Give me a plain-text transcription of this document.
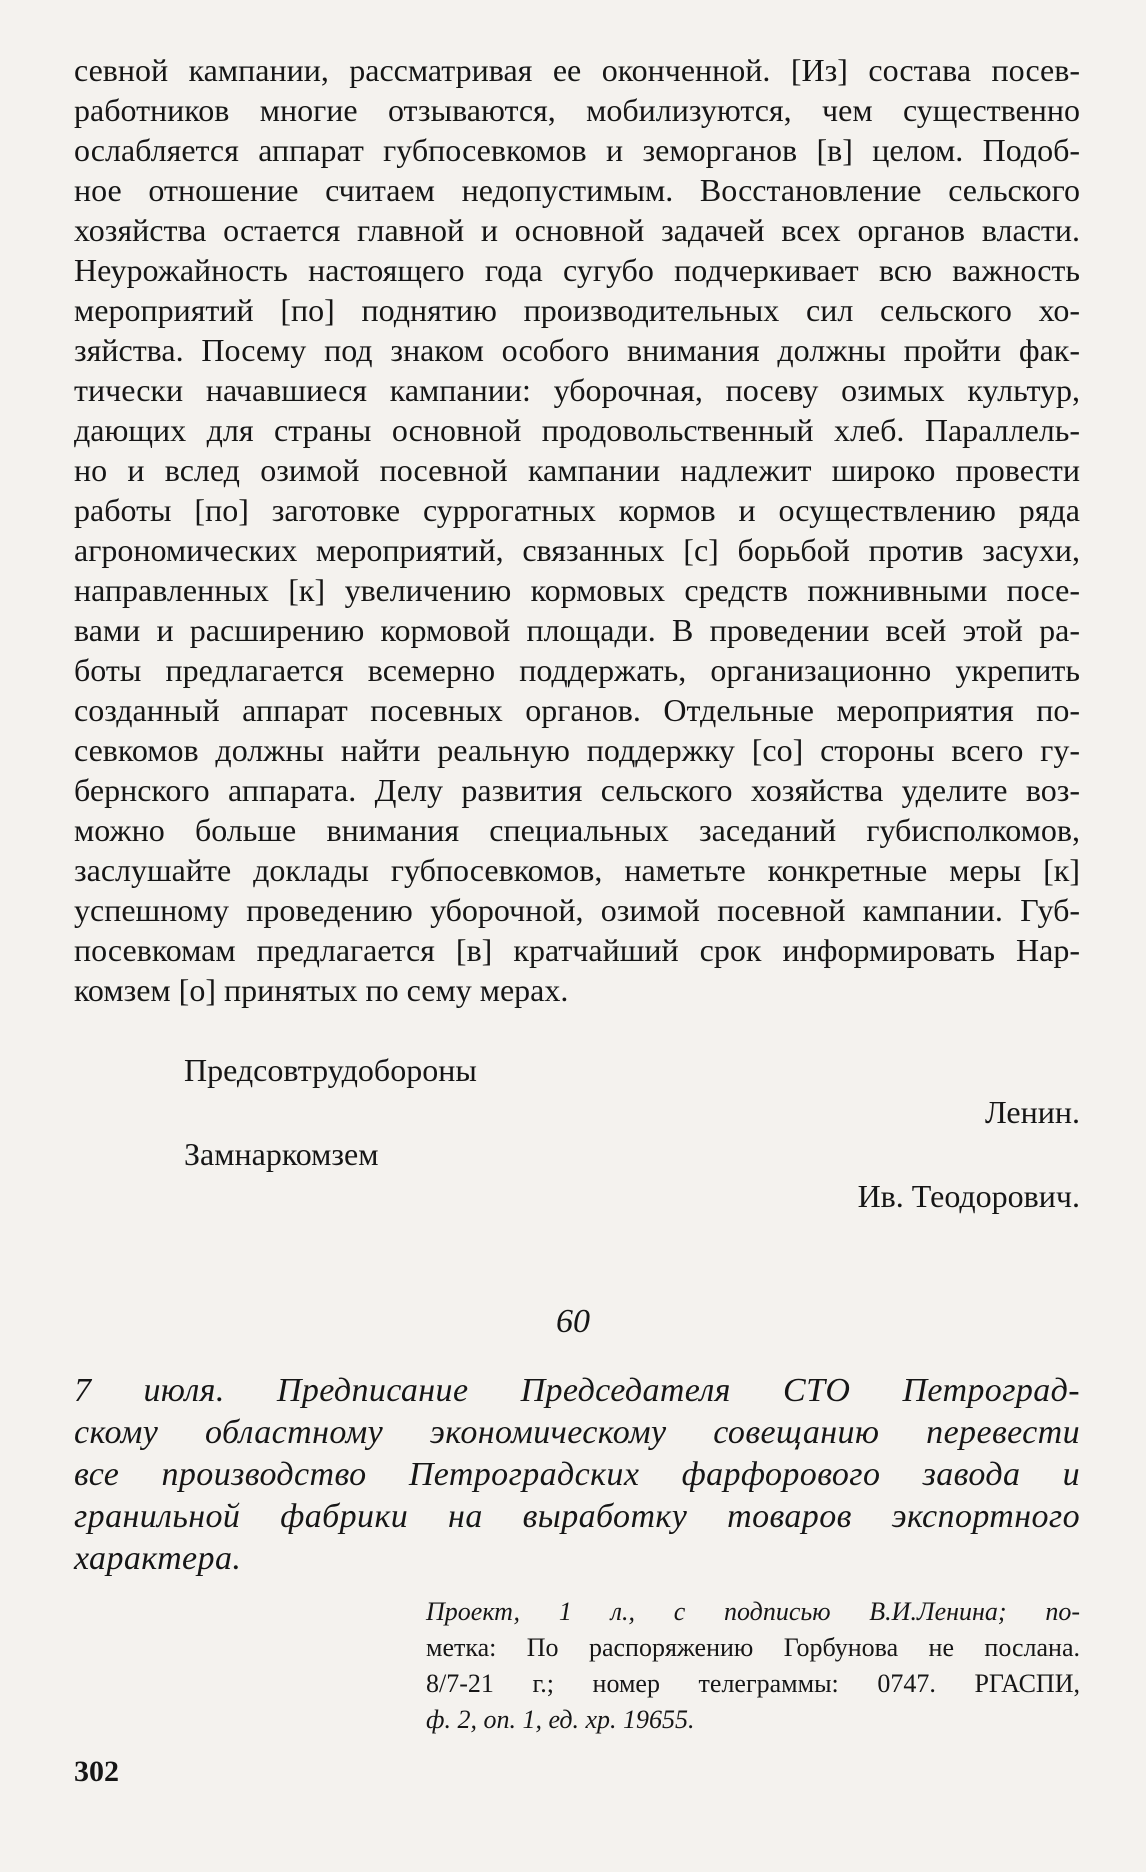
севной кампании, рассматривая ее оконченной. [Из] состава посев-
работников многие отзываются, мобилизуются, чем существенно
ослабляется аппарат губпосевкомов и земорганов [в] целом. Подоб-
ное отношение считаем недопустимым. Восстановление сельского
хозяйства остается главной и основной задачей всех органов власти.
Неурожайность настоящего года сугубо подчеркивает всю важность
мероприятий [по] поднятию производительных сил сельского хо-
зяйства. Посему под знаком особого внимания должны пройти фак-
тически начавшиеся кампании: уборочная, посеву озимых культур,
дающих для страны основной продовольственный хлеб. Параллель-
но и вслед озимой посевной кампании надлежит широко провести
работы [по] заготовке суррогатных кормов и осуществлению ряда
агрономических мероприятий, связанных [с] борьбой против засухи,
направленных [к] увеличению кормовых средств пожнивными посе-
вами и расширению кормовой площади. В проведении всей этой ра-
боты предлагается всемерно поддержать, организационно укрепить
созданный аппарат посевных органов. Отдельные мероприятия по-
севкомов должны найти реальную поддержку [со] стороны всего гу-
бернского аппарата. Делу развития сельского хозяйства уделите воз-
можно больше внимания специальных заседаний губисполкомов,
заслушайте доклады губпосевкомов, наметьте конкретные меры [к]
успешному проведению уборочной, озимой посевной кампании. Губ-
посевкомам предлагается [в] кратчайший срок информировать Нар-
комзем [о] принятых по сему мерах.
Предсовтрудобороны
Ленин.
Замнаркомзем
Ив. Теодорович.
60
7 июля. Предписание Председателя СТО Петроград-
скому областному экономическому совещанию перевести
все производство Петроградских фарфорового завода и
гранильной фабрики на выработку товаров экспортного
характера.
Проект, 1 л., с подписью В.И.Ленина; по-
метка: По распоряжению Горбунова не послана.
8/7-21 г.; номер телеграммы: 0747. РГАСПИ,
ф. 2, оп. 1, ед. хр. 19655.
302
